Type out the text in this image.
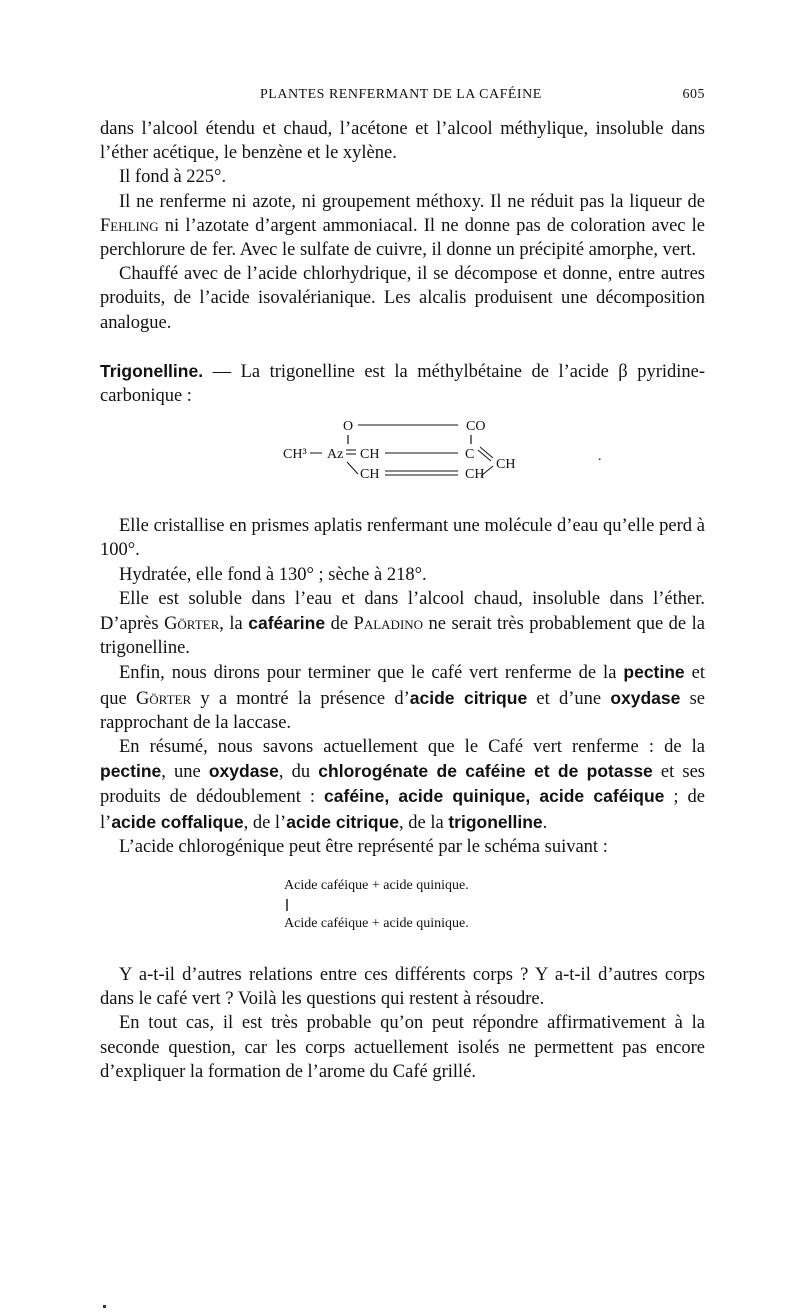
PLANTES RENFERMANT DE LA CAFÉINE	605

dans l’alcool étendu et chaud, l’acétone et l’alcool méthylique, insoluble dans l’éther acétique, le benzène et le xylène.

Il fond à 225°.

Il ne renferme ni azote, ni groupement méthoxy. Il ne réduit pas la liqueur de Fehling ni l’azotate d’argent ammoniacal. Il ne donne pas de coloration avec le perchlorure de fer. Avec le sulfate de cuivre, il donne un précipité amorphe, vert.

Chauffé avec de l’acide chlorhydrique, il se décompose et donne, entre autres produits, de l’acide isovalérianique. Les alcalis produisent une décomposition analogue.

Trigonelline. — La trigonelline est la méthylbétaine de l’acide β pyridine-carbonique :

O	CO
CH³ Az CH	C
CH
CH	CH
.

Elle cristallise en prismes aplatis renfermant une molécule d’eau qu’elle perd à 100°.

Hydratée, elle fond à 130° ; sèche à 218°.

Elle est soluble dans l’eau et dans l’alcool chaud, insoluble dans l’éther. D’après Görter, la caféarine de Paladino ne serait très probablement que de la trigonelline.

Enfin, nous dirons pour terminer que le café vert renferme de la pectine et que Görter y a montré la présence d’acide citrique et d’une oxydase se rapprochant de la laccase.

En résumé, nous savons actuellement que le Café vert renferme : de la pectine, une oxydase, du chlorogénate de caféine et de potasse et ses produits de dédoublement : caféine, acide quinique, acide caféique ; de l’acide coffalique, de l’acide citrique, de la trigonelline.

L’acide chlorogénique peut être représenté par le schéma suivant :

Acide caféique + acide quinique.
Acide caféique + acide quinique.

Y a-t-il d’autres relations entre ces différents corps ? Y a-t-il d’autres corps dans le café vert ? Voilà les questions qui restent à résoudre.

En tout cas, il est très probable qu’on peut répondre affirmativement à la seconde question, car les corps actuellement isolés ne permettent pas encore d’expliquer la formation de l’arome du Café grillé.
